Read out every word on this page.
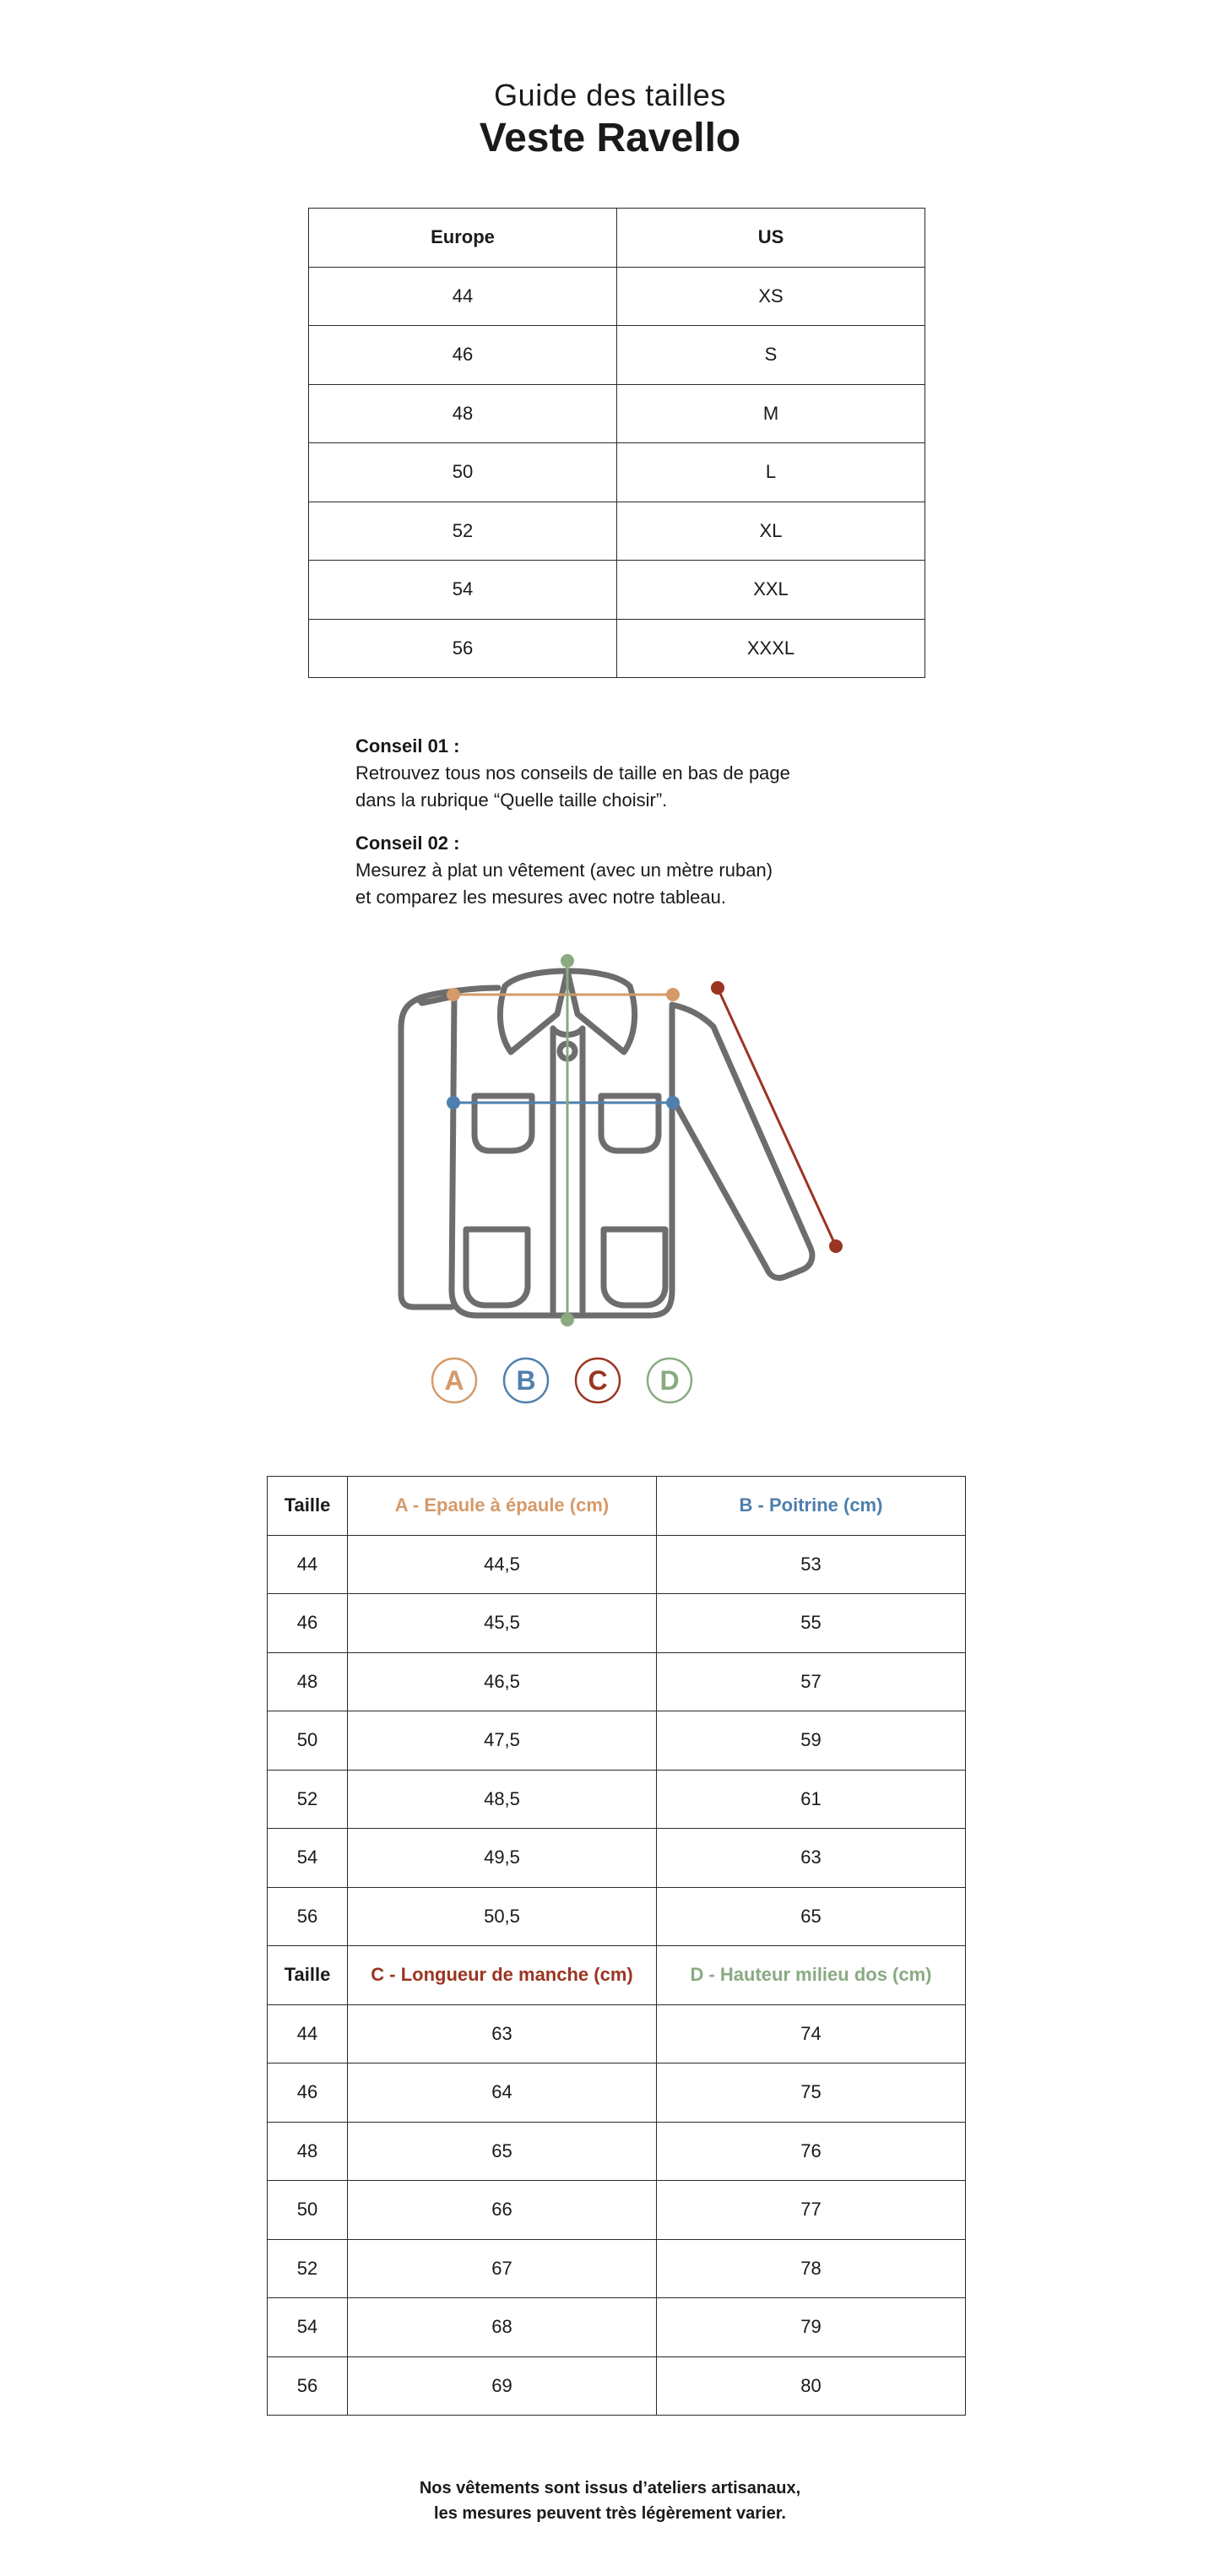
Guide des tailles
Veste Ravello
Europe	US
44	XS
46	S
48	M
50	L
52	XL
54	XXL
56	XXXL
Conseil 01 :
Retrouvez tous nos conseils de taille en bas de page
dans la rubrique “Quelle taille choisir”.
Conseil 02 :
Mesurez à plat un vêtement (avec un mètre ruban)
et comparez les mesures avec notre tableau.
A B C D
Taille	A - Epaule à épaule (cm)	B - Poitrine (cm)
44	44,5	53
46	45,5	55
48	46,5	57
50	47,5	59
52	48,5	61
54	49,5	63
56	50,5	65
Taille	C - Longueur de manche (cm)	D - Hauteur milieu dos (cm)
44	63	74
46	64	75
48	65	76
50	66	77
52	67	78
54	68	79
56	69	80
Nos vêtements sont issus d’ateliers artisanaux,
les mesures peuvent très légèrement varier.
